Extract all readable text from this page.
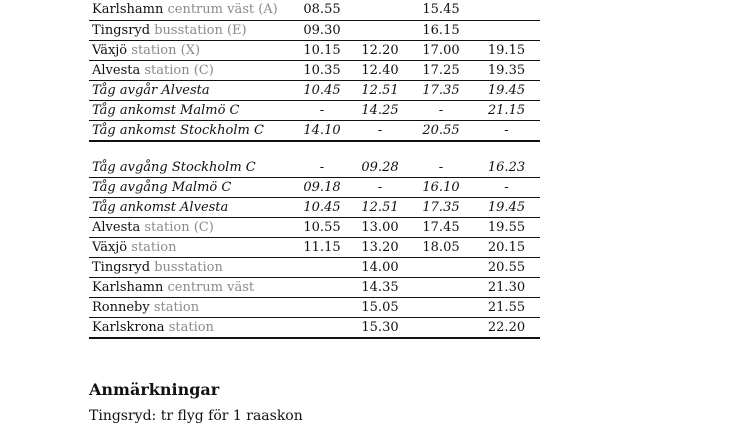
Karlshamn centrum väst (A)	08.55		15.45	
Tingsryd busstation (E)	09.30		16.15	
Växjö station (X)	10.15	12.20	17.00	19.15
Alvesta station (C)	10.35	12.40	17.25	19.35
Tåg avgår Alvesta	10.45	12.51	17.35	19.45
Tåg ankomst Malmö C	-	14.25	-	21.15
Tåg ankomst Stockholm C	14.10	-	20.55	-
Tåg avgång Stockholm C	-	09.28	-	16.23
Tåg avgång Malmö C	09.18	-	16.10	-
Tåg ankomst Alvesta	10.45	12.51	17.35	19.45
Alvesta station (C)	10.55	13.00	17.45	19.55
Växjö station	11.15	13.20	18.05	20.15
Tingsryd busstation		14.00		20.55
Karlshamn centrum väst		14.35		21.30
Ronneby station		15.05		21.55
Karlskrona station		15.30		22.20
Anmärkningar

Tingsryd: tr flyg för 1 raaskon
